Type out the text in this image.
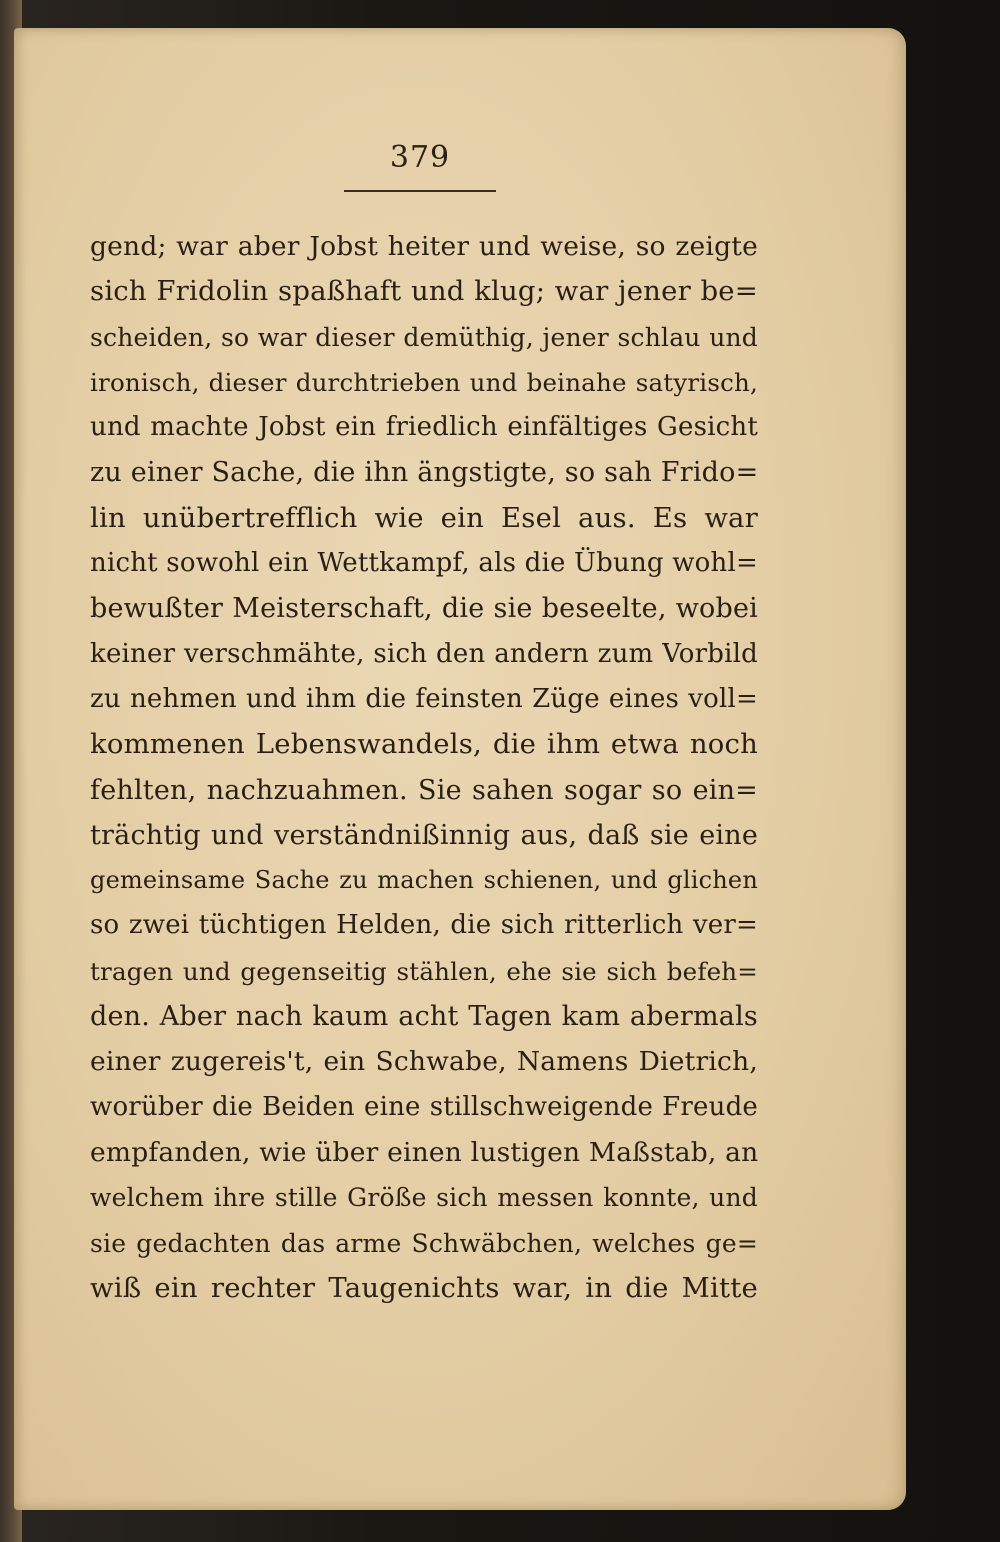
379
gend; war aber Jobst heiter und weise, so zeigte
sich Fridolin spaßhaft und klug; war jener be=
scheiden, so war dieser demüthig, jener schlau und
ironisch, dieser durchtrieben und beinahe satyrisch,
und machte Jobst ein friedlich einfältiges Gesicht
zu einer Sache, die ihn ängstigte, so sah Frido=
lin unübertrefflich wie ein Esel aus. Es war
nicht sowohl ein Wettkampf, als die Übung wohl=
bewußter Meisterschaft, die sie beseelte, wobei
keiner verschmähte, sich den andern zum Vorbild
zu nehmen und ihm die feinsten Züge eines voll=
kommenen Lebenswandels, die ihm etwa noch
fehlten, nachzuahmen. Sie sahen sogar so ein=
trächtig und verständnißinnig aus, daß sie eine
gemeinsame Sache zu machen schienen, und glichen
so zwei tüchtigen Helden, die sich ritterlich ver=
tragen und gegenseitig stählen, ehe sie sich befeh=
den. Aber nach kaum acht Tagen kam abermals
einer zugereis't, ein Schwabe, Namens Dietrich,
worüber die Beiden eine stillschweigende Freude
empfanden, wie über einen lustigen Maßstab, an
welchem ihre stille Größe sich messen konnte, und
sie gedachten das arme Schwäbchen, welches ge=
wiß ein rechter Taugenichts war, in die Mitte
